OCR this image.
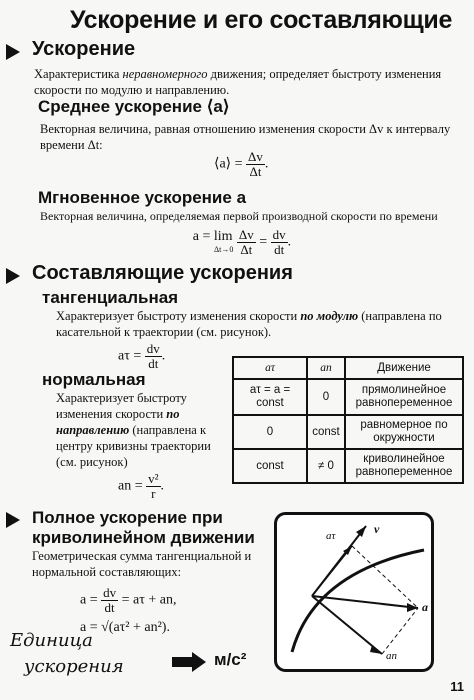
Ускорение и его составляющие
Ускорение
Характеристика неравномерного движения; определяет быстроту изменения скорости по модулю и направлению.
Среднее ускорение ⟨a⟩
Векторная величина, равная отношению изменения скорости Δv к интервалу времени Δt:
⟨a⟩ = $\frac{\Delta v}{\Delta t}$ .
Мгновенное ускорение a
Векторная величина, определяемая первой производной скорости по времени
a = lim
Δt→0
$\frac{\Delta v}{\Delta t} = \frac{dv}{dt}$ .
Составляющие ускорения
тангенциальная
Характеризует быстроту изменения скорости по модулю (направлена по касательной к траектории (см. рисунок).
$a\tau = \frac{dv}{dt}$ .
нормальная
Характеризует быстроту изменения скорости по направлению (направлена к центру кривизны траектории (см. рисунок)
an = $\frac{\text{v²}}{r}$ .
aτ	an	Движение
aτ = a = const	0	прямолинейное равнопеременное
0	const	равномерное по окружности
const	≠ 0	криволинейное равнопеременное
Полное ускорение при
криволинейном движении
Геометрическая сумма тангенциальной и нормальной составляющих:
$a = \frac{dv}{dt} = a\tau$ + an,
a = √(aτ² + an²).
aτ	v
a
an
Единица
ускорения	м/с²
11
